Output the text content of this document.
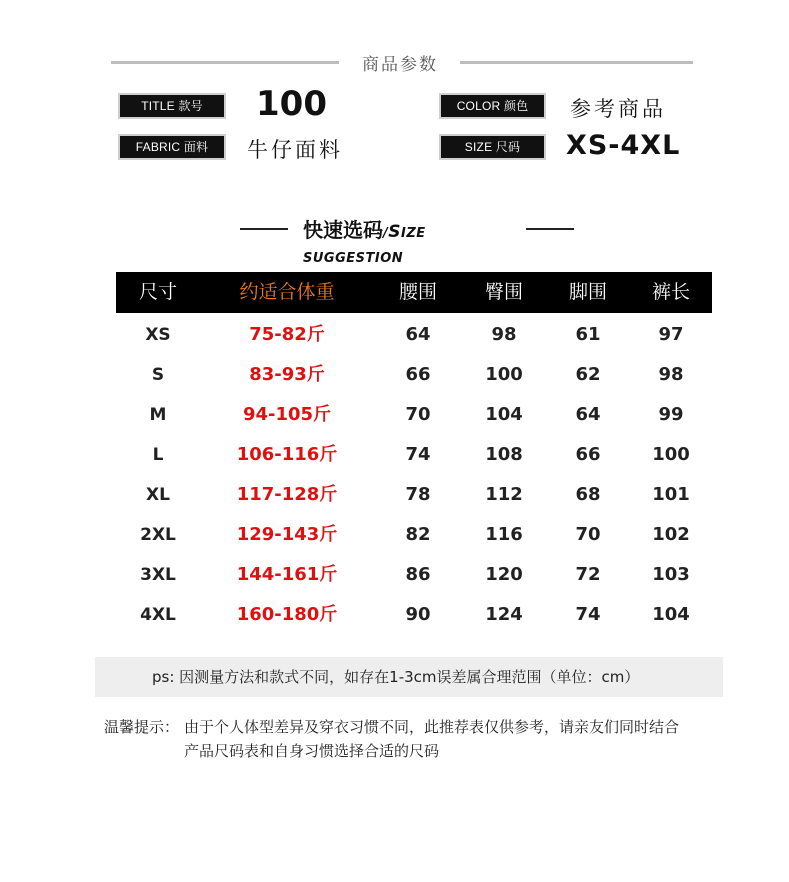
商品参数
TITLE 款号	100
FABRIC 面料	牛仔面料
COLOR 颜色	参考商品
SIZE 尺码	XS-4XL
快速选码/SIZE SUGGESTION
尺寸	约适合体重	腰围	臀围	脚围	裤长
XS	75-82斤	64	98	61	97
S	83-93斤	66	100	62	98
M	94-105斤	70	104	64	99
L	106-116斤	74	108	66	100
XL	117-128斤	78	112	68	101
2XL	129-143斤	82	116	70	102
3XL	144-161斤	86	120	72	103
4XL	160-180斤	90	124	74	104
ps: 因测量方法和款式不同，如存在1-3cm误差属合理范围（单位：cm）
温馨提示： 由于个人体型差异及穿衣习惯不同，此推荐表仅供参考，请亲友们同时结合
产品尺码表和自身习惯选择合适的尺码
